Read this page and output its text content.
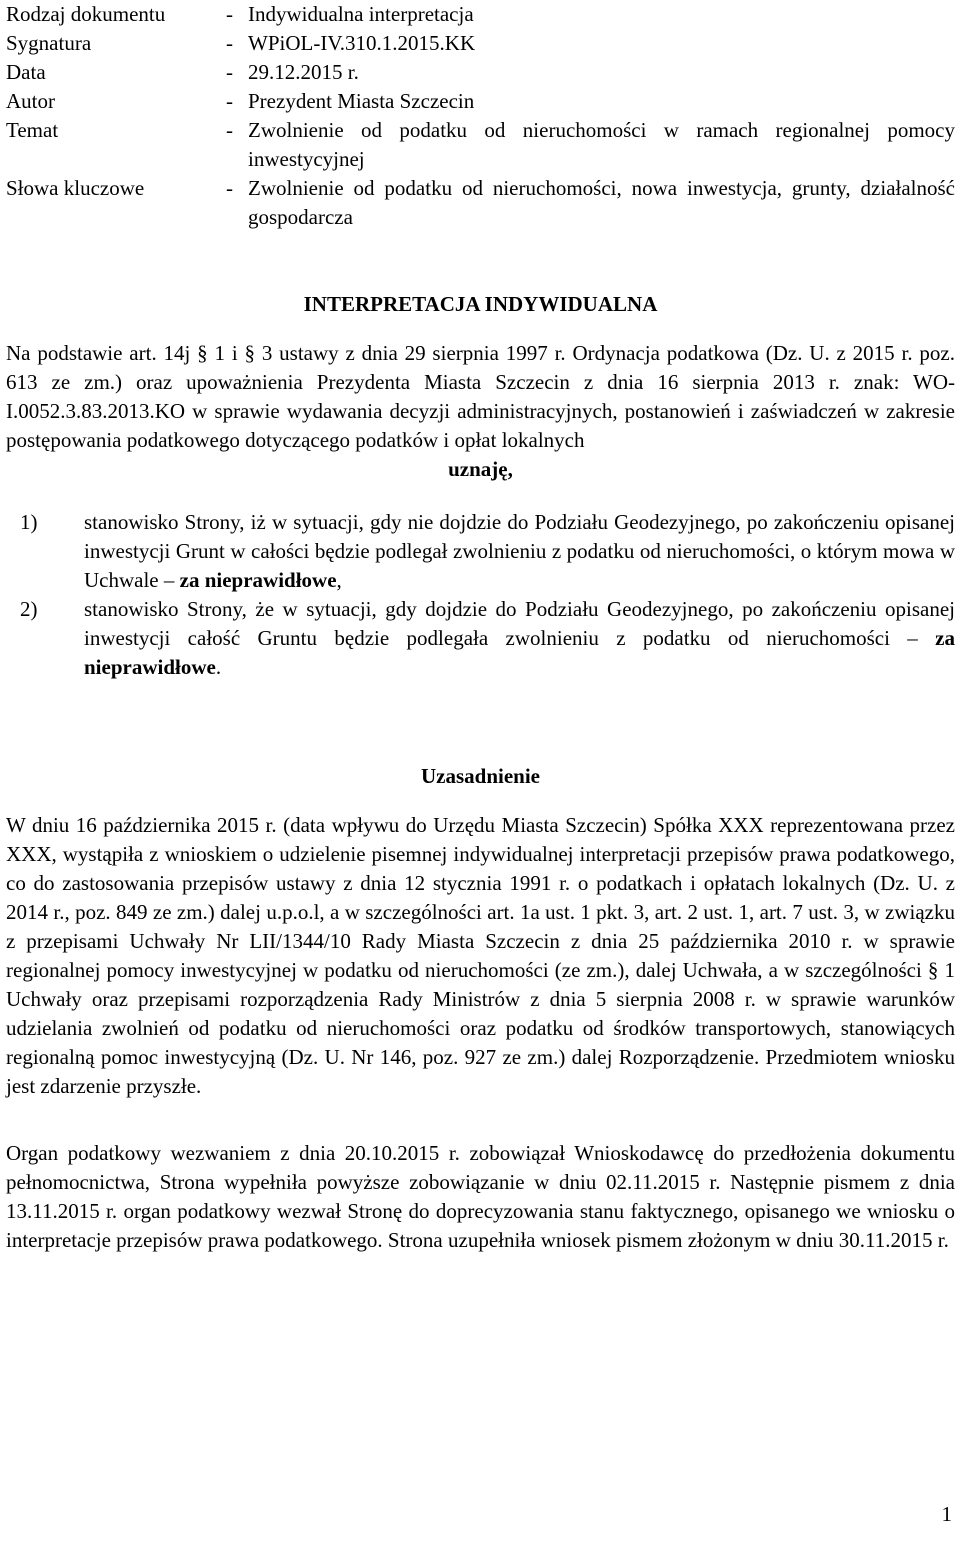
Rodzaj dokumentu	- Indywidualna interpretacja
Sygnatura	- WPiOL-IV.310.1.2015.KK
Data	- 29.12.2015 r.
Autor	- Prezydent Miasta Szczecin
Temat	- Zwolnienie od podatku od nieruchomości w ramach regionalnej pomocy inwestycyjnej
Słowa kluczowe	- Zwolnienie od podatku od nieruchomości, nowa inwestycja, grunty, działalność gospodarcza
INTERPRETACJA INDYWIDUALNA
Na podstawie art. 14j § 1 i § 3 ustawy z dnia 29 sierpnia 1997 r. Ordynacja podatkowa (Dz. U. z 2015 r. poz. 613 ze zm.) oraz upoważnienia Prezydenta Miasta Szczecin z dnia 16 sierpnia 2013 r. znak: WO-I.0052.3.83.2013.KO w sprawie wydawania decyzji administracyjnych, postanowień i zaświadczeń w zakresie postępowania podatkowego dotyczącego podatków i opłat lokalnych
uznaję,
1)	stanowisko Strony, iż w sytuacji, gdy nie dojdzie do Podziału Geodezyjnego, po zakończeniu opisanej inwestycji Grunt w całości będzie podlegał zwolnieniu z podatku od nieruchomości, o którym mowa w Uchwale – za nieprawidłowe,
2)	stanowisko Strony, że w sytuacji, gdy dojdzie do Podziału Geodezyjnego, po zakończeniu opisanej inwestycji całość Gruntu będzie podlegała zwolnieniu z podatku od nieruchomości – za nieprawidłowe.
Uzasadnienie
W dniu 16 października 2015 r. (data wpływu do Urzędu Miasta Szczecin) Spółka XXX reprezentowana przez XXX, wystąpiła z wnioskiem o udzielenie pisemnej indywidualnej interpretacji przepisów prawa podatkowego, co do zastosowania przepisów ustawy z dnia 12 stycznia 1991 r. o podatkach i opłatach lokalnych (Dz. U. z 2014 r., poz. 849 ze zm.) dalej u.p.o.l, a w szczególności art. 1a ust. 1 pkt. 3, art. 2 ust. 1, art. 7 ust. 3, w związku z przepisami Uchwały Nr LII/1344/10 Rady Miasta Szczecin z dnia 25 października 2010 r. w sprawie regionalnej pomocy inwestycyjnej w podatku od nieruchomości (ze zm.), dalej Uchwała, a w szczególności § 1 Uchwały oraz przepisami rozporządzenia Rady Ministrów z dnia 5 sierpnia 2008 r. w sprawie warunków udzielania zwolnień od podatku od nieruchomości oraz podatku od środków transportowych, stanowiących regionalną pomoc inwestycyjną (Dz. U. Nr 146, poz. 927 ze zm.) dalej Rozporządzenie. Przedmiotem wniosku jest zdarzenie przyszłe.
Organ podatkowy wezwaniem z dnia 20.10.2015 r. zobowiązał Wnioskodawcę do przedłożenia dokumentu pełnomocnictwa, Strona wypełniła powyższe zobowiązanie w dniu 02.11.2015 r. Następnie pismem z dnia 13.11.2015 r. organ podatkowy wezwał Stronę do doprecyzowania stanu faktycznego, opisanego we wniosku o interpretacje przepisów prawa podatkowego. Strona uzupełniła wniosek pismem złożonym w dniu 30.11.2015 r.
1
